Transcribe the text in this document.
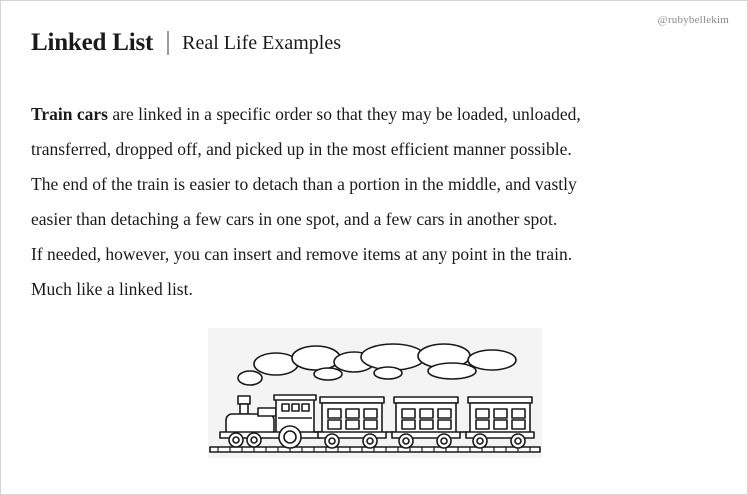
@rubybellekim
Linked List Real Life Examples
Train cars are linked in a specific order so that they may be loaded, unloaded,
transferred, dropped off, and picked up in the most efficient manner possible.
The end of the train is easier to detach than a portion in the middle, and vastly
easier than detaching a few cars in one spot, and a few cars in another spot.
If needed, however, you can insert and remove items at any point in the train.
Much like a linked list.
